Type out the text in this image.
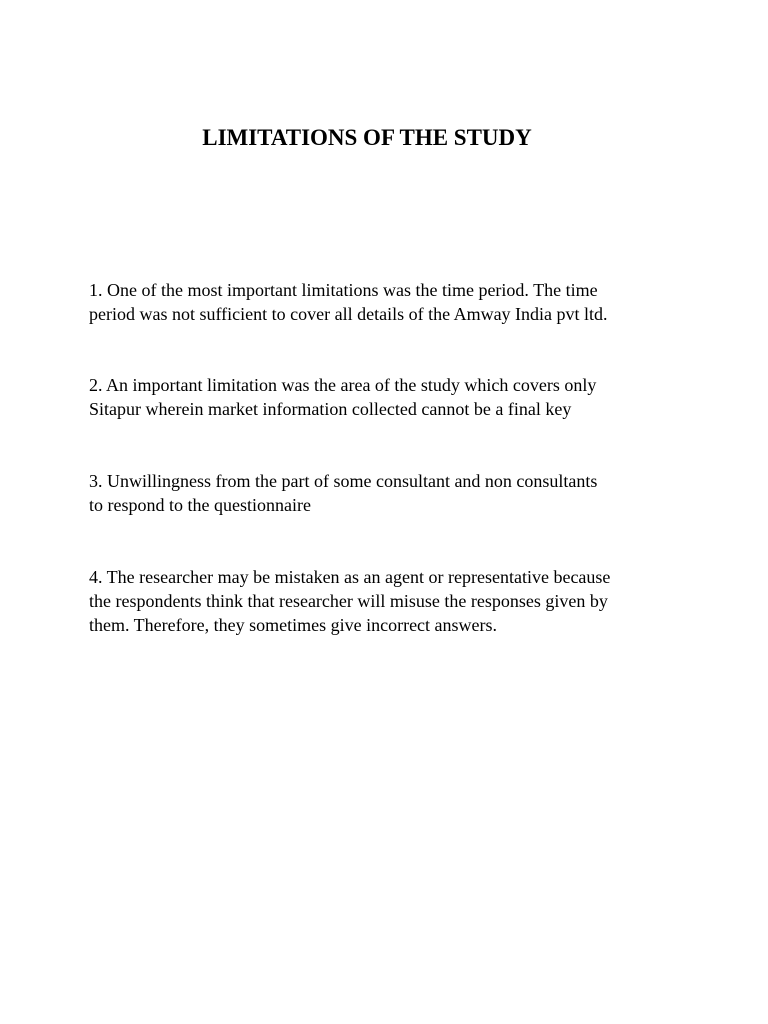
LIMITATIONS OF THE STUDY
1. One of the most important limitations was the time period. The time
period was not sufficient to cover all details of the Amway India pvt ltd.
2. An important limitation was the area of the study which covers only
Sitapur wherein market information collected cannot be a final key
3. Unwillingness from the part of some consultant and non consultants
to respond to the questionnaire
4. The researcher may be mistaken as an agent or representative because
the respondents think that researcher will misuse the responses given by
them. Therefore, they sometimes give incorrect answers.
